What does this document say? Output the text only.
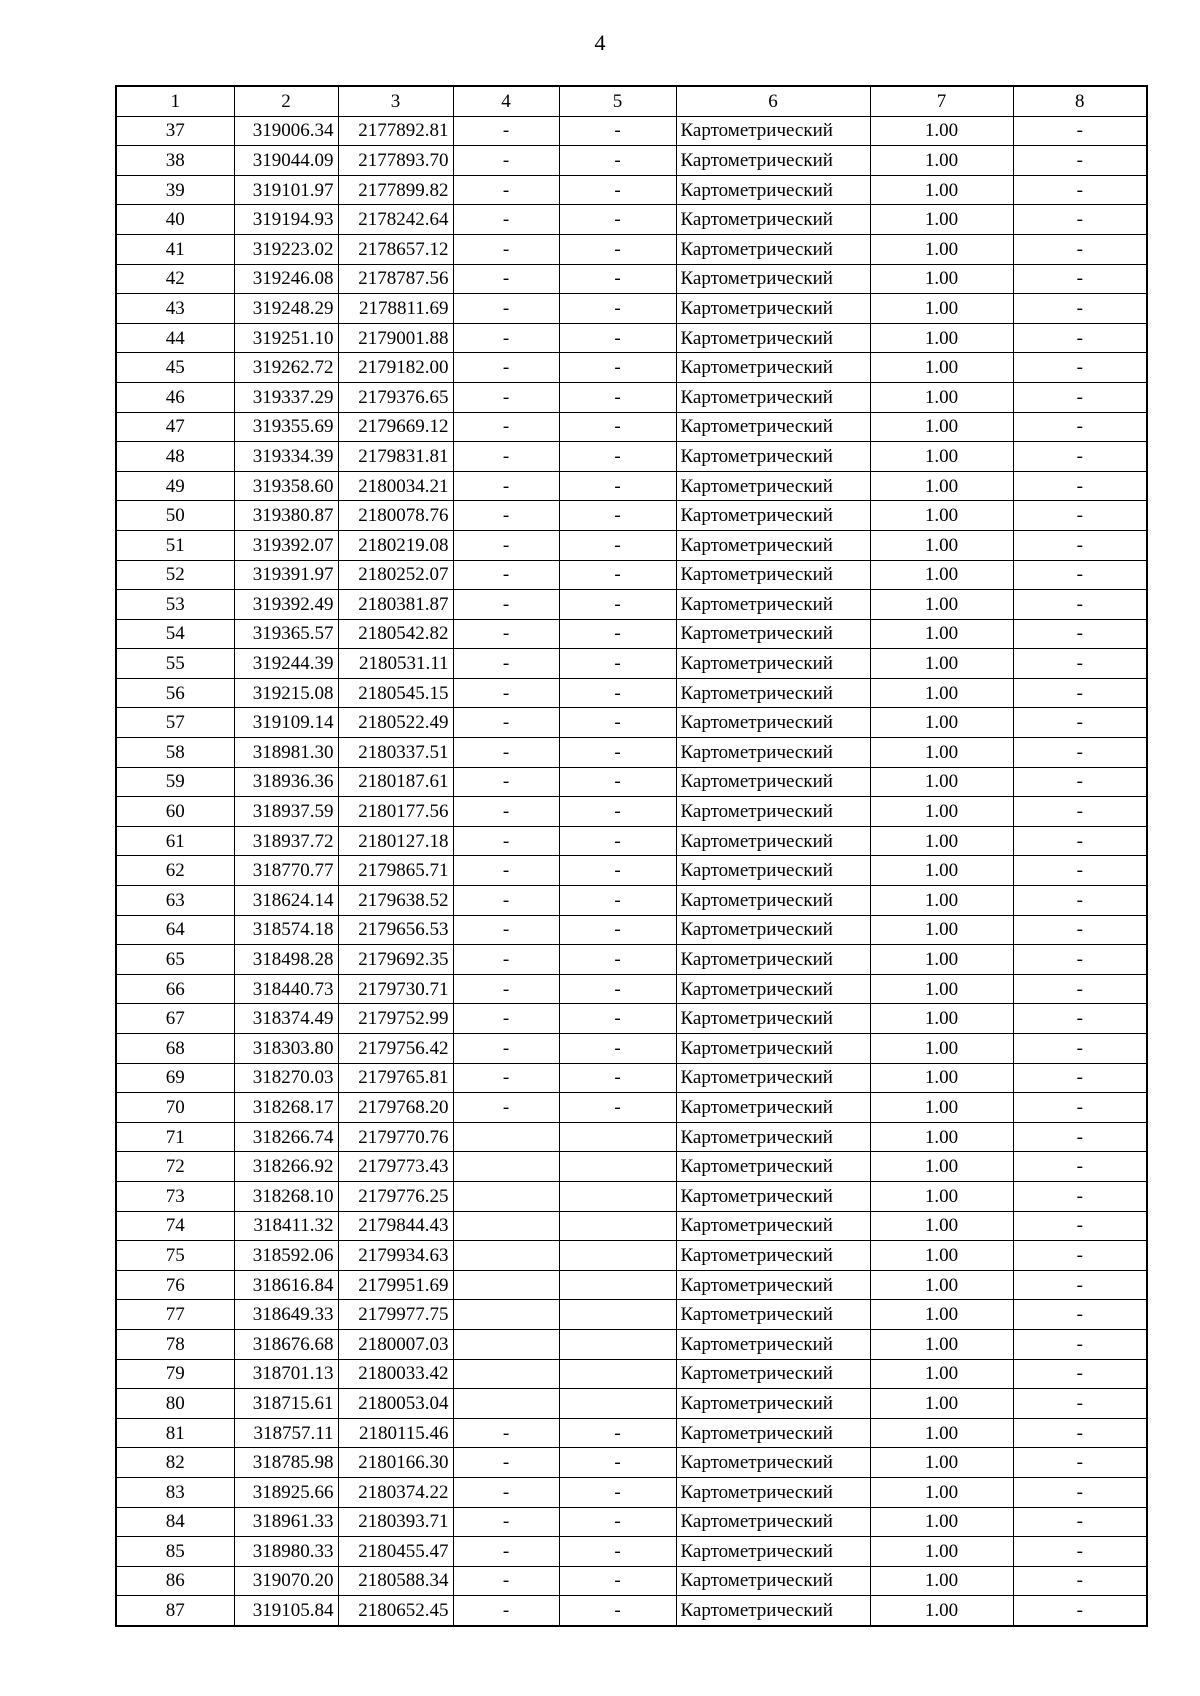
4
1	2	3	4	5	6	7	8
37	319006.34	2177892.81	-	-	Картометрический	1.00	-
38	319044.09	2177893.70	-	-	Картометрический	1.00	-
39	319101.97	2177899.82	-	-	Картометрический	1.00	-
40	319194.93	2178242.64	-	-	Картометрический	1.00	-
41	319223.02	2178657.12	-	-	Картометрический	1.00	-
42	319246.08	2178787.56	-	-	Картометрический	1.00	-
43	319248.29	2178811.69	-	-	Картометрический	1.00	-
44	319251.10	2179001.88	-	-	Картометрический	1.00	-
45	319262.72	2179182.00	-	-	Картометрический	1.00	-
46	319337.29	2179376.65	-	-	Картометрический	1.00	-
47	319355.69	2179669.12	-	-	Картометрический	1.00	-
48	319334.39	2179831.81	-	-	Картометрический	1.00	-
49	319358.60	2180034.21	-	-	Картометрический	1.00	-
50	319380.87	2180078.76	-	-	Картометрический	1.00	-
51	319392.07	2180219.08	-	-	Картометрический	1.00	-
52	319391.97	2180252.07	-	-	Картометрический	1.00	-
53	319392.49	2180381.87	-	-	Картометрический	1.00	-
54	319365.57	2180542.82	-	-	Картометрический	1.00	-
55	319244.39	2180531.11	-	-	Картометрический	1.00	-
56	319215.08	2180545.15	-	-	Картометрический	1.00	-
57	319109.14	2180522.49	-	-	Картометрический	1.00	-
58	318981.30	2180337.51	-	-	Картометрический	1.00	-
59	318936.36	2180187.61	-	-	Картометрический	1.00	-
60	318937.59	2180177.56	-	-	Картометрический	1.00	-
61	318937.72	2180127.18	-	-	Картометрический	1.00	-
62	318770.77	2179865.71	-	-	Картометрический	1.00	-
63	318624.14	2179638.52	-	-	Картометрический	1.00	-
64	318574.18	2179656.53	-	-	Картометрический	1.00	-
65	318498.28	2179692.35	-	-	Картометрический	1.00	-
66	318440.73	2179730.71	-	-	Картометрический	1.00	-
67	318374.49	2179752.99	-	-	Картометрический	1.00	-
68	318303.80	2179756.42	-	-	Картометрический	1.00	-
69	318270.03	2179765.81	-	-	Картометрический	1.00	-
70	318268.17	2179768.20	-	-	Картометрический	1.00	-
71	318266.74	2179770.76			Картометрический	1.00	-
72	318266.92	2179773.43			Картометрический	1.00	-
73	318268.10	2179776.25			Картометрический	1.00	-
74	318411.32	2179844.43			Картометрический	1.00	-
75	318592.06	2179934.63			Картометрический	1.00	-
76	318616.84	2179951.69			Картометрический	1.00	-
77	318649.33	2179977.75			Картометрический	1.00	-
78	318676.68	2180007.03			Картометрический	1.00	-
79	318701.13	2180033.42			Картометрический	1.00	-
80	318715.61	2180053.04			Картометрический	1.00	-
81	318757.11	2180115.46	-	-	Картометрический	1.00	-
82	318785.98	2180166.30	-	-	Картометрический	1.00	-
83	318925.66	2180374.22	-	-	Картометрический	1.00	-
84	318961.33	2180393.71	-	-	Картометрический	1.00	-
85	318980.33	2180455.47	-	-	Картометрический	1.00	-
86	319070.20	2180588.34	-	-	Картометрический	1.00	-
87	319105.84	2180652.45	-	-	Картометрический	1.00	-
